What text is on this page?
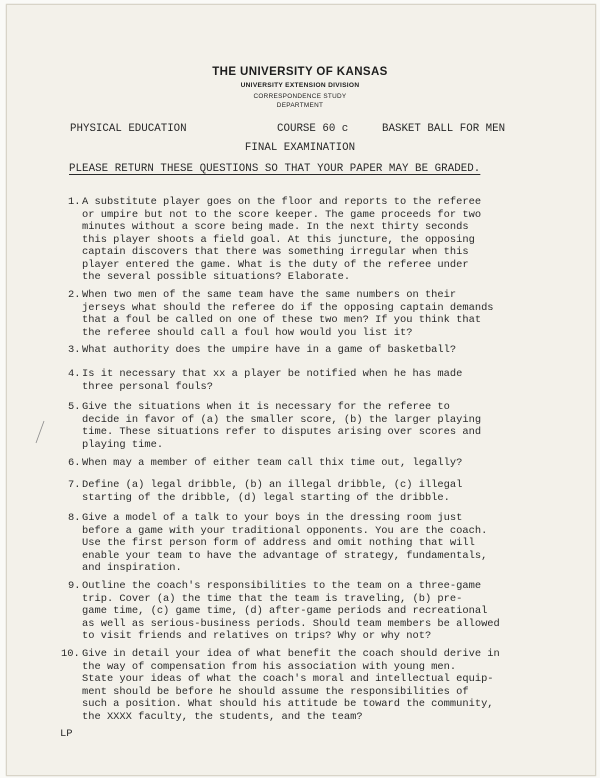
THE UNIVERSITY OF KANSAS
UNIVERSITY EXTENSION DIVISION
CORRESPONDENCE STUDY
DEPARTMENT
PHYSICAL EDUCATION	COURSE 60 c	BASKET BALL FOR MEN
FINAL EXAMINATION
PLEASE RETURN THESE QUESTIONS SO THAT YOUR PAPER MAY BE GRADED.
1. A substitute player goes on the floor and reports to the referee
or umpire but not to the score keeper. The game proceeds for two
minutes without a score being made. In the next thirty seconds
this player shoots a field goal. At this juncture, the opposing
captain discovers that there was something irregular when this
player entered the game. What is the duty of the referee under
the several possible situations? Elaborate.
2. When two men of the same team have the same numbers on their
jerseys what should the referee do if the opposing captain demands
that a foul be called on one of these two men? If you think that
the referee should call a foul how would you list it?
3. What authority does the umpire have in a game of basketball?
4. Is it necessary that xx a player be notified when he has made
three personal fouls?
5. Give the situations when it is necessary for the referee to
decide in favor of (a) the smaller score, (b) the larger playing
time. These situations refer to disputes arising over scores and
playing time.
6. When may a member of either team call thix time out, legally?
7. Define (a) legal dribble, (b) an illegal dribble, (c) illegal
starting of the dribble, (d) legal starting of the dribble.
8. Give a model of a talk to your boys in the dressing room just
before a game with your traditional opponents. You are the coach.
Use the first person form of address and omit nothing that will
enable your team to have the advantage of strategy, fundamentals,
and inspiration.
9. Outline the coach's responsibilities to the team on a three-game
trip. Cover (a) the time that the team is traveling, (b) pre-
game time, (c) game time, (d) after-game periods and recreational
as well as serious-business periods. Should team members be allowed
to visit friends and relatives on trips? Why or why not?
10. Give in detail your idea of what benefit the coach should derive in
the way of compensation from his association with young men.
State your ideas of what the coach's moral and intellectual equip-
ment should be before he should assume the responsibilities of
such a position. What should his attitude be toward the community,
the XXXX faculty, the students, and the team?
LP
